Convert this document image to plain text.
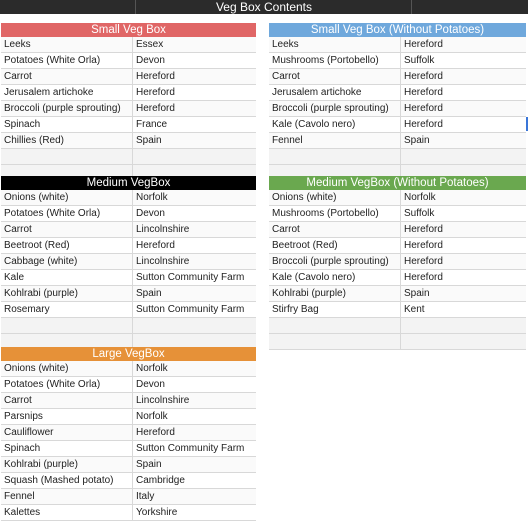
Veg Box Contents
Small Veg Box
Leeks	Essex
Potatoes (White Orla)	Devon
Carrot	Hereford
Jerusalem artichoke	Hereford
Broccoli (purple sprouting)	Hereford
Spinach	France
Chillies (Red)	Spain
Small Veg Box (Without Potatoes)
Leeks	Hereford
Mushrooms (Portobello)	Suffolk
Carrot	Hereford
Jerusalem artichoke	Hereford
Broccoli (purple sprouting)	Hereford
Kale (Cavolo nero)	Hereford
Fennel	Spain
Medium VegBox
Onions (white)	Norfolk
Potatoes (White Orla)	Devon
Carrot	Lincolnshire
Beetroot (Red)	Hereford
Cabbage (white)	Lincolnshire
Kale	Sutton Community Farm
Kohlrabi (purple)	Spain
Rosemary	Sutton Community Farm
Medium VegBox (Without Potatoes)
Onions (white)	Norfolk
Mushrooms (Portobello)	Suffolk
Carrot	Hereford
Beetroot (Red)	Hereford
Broccoli (purple sprouting)	Hereford
Kale (Cavolo nero)	Hereford
Kohlrabi (purple)	Spain
Stirfry Bag	Kent
Large VegBox
Onions (white)	Norfolk
Potatoes (White Orla)	Devon
Carrot	Lincolnshire
Parsnips	Norfolk
Cauliflower	Hereford
Spinach	Sutton Community Farm
Kohlrabi (purple)	Spain
Squash (Mashed potato)	Cambridge
Fennel	Italy
Kalettes	Yorkshire
